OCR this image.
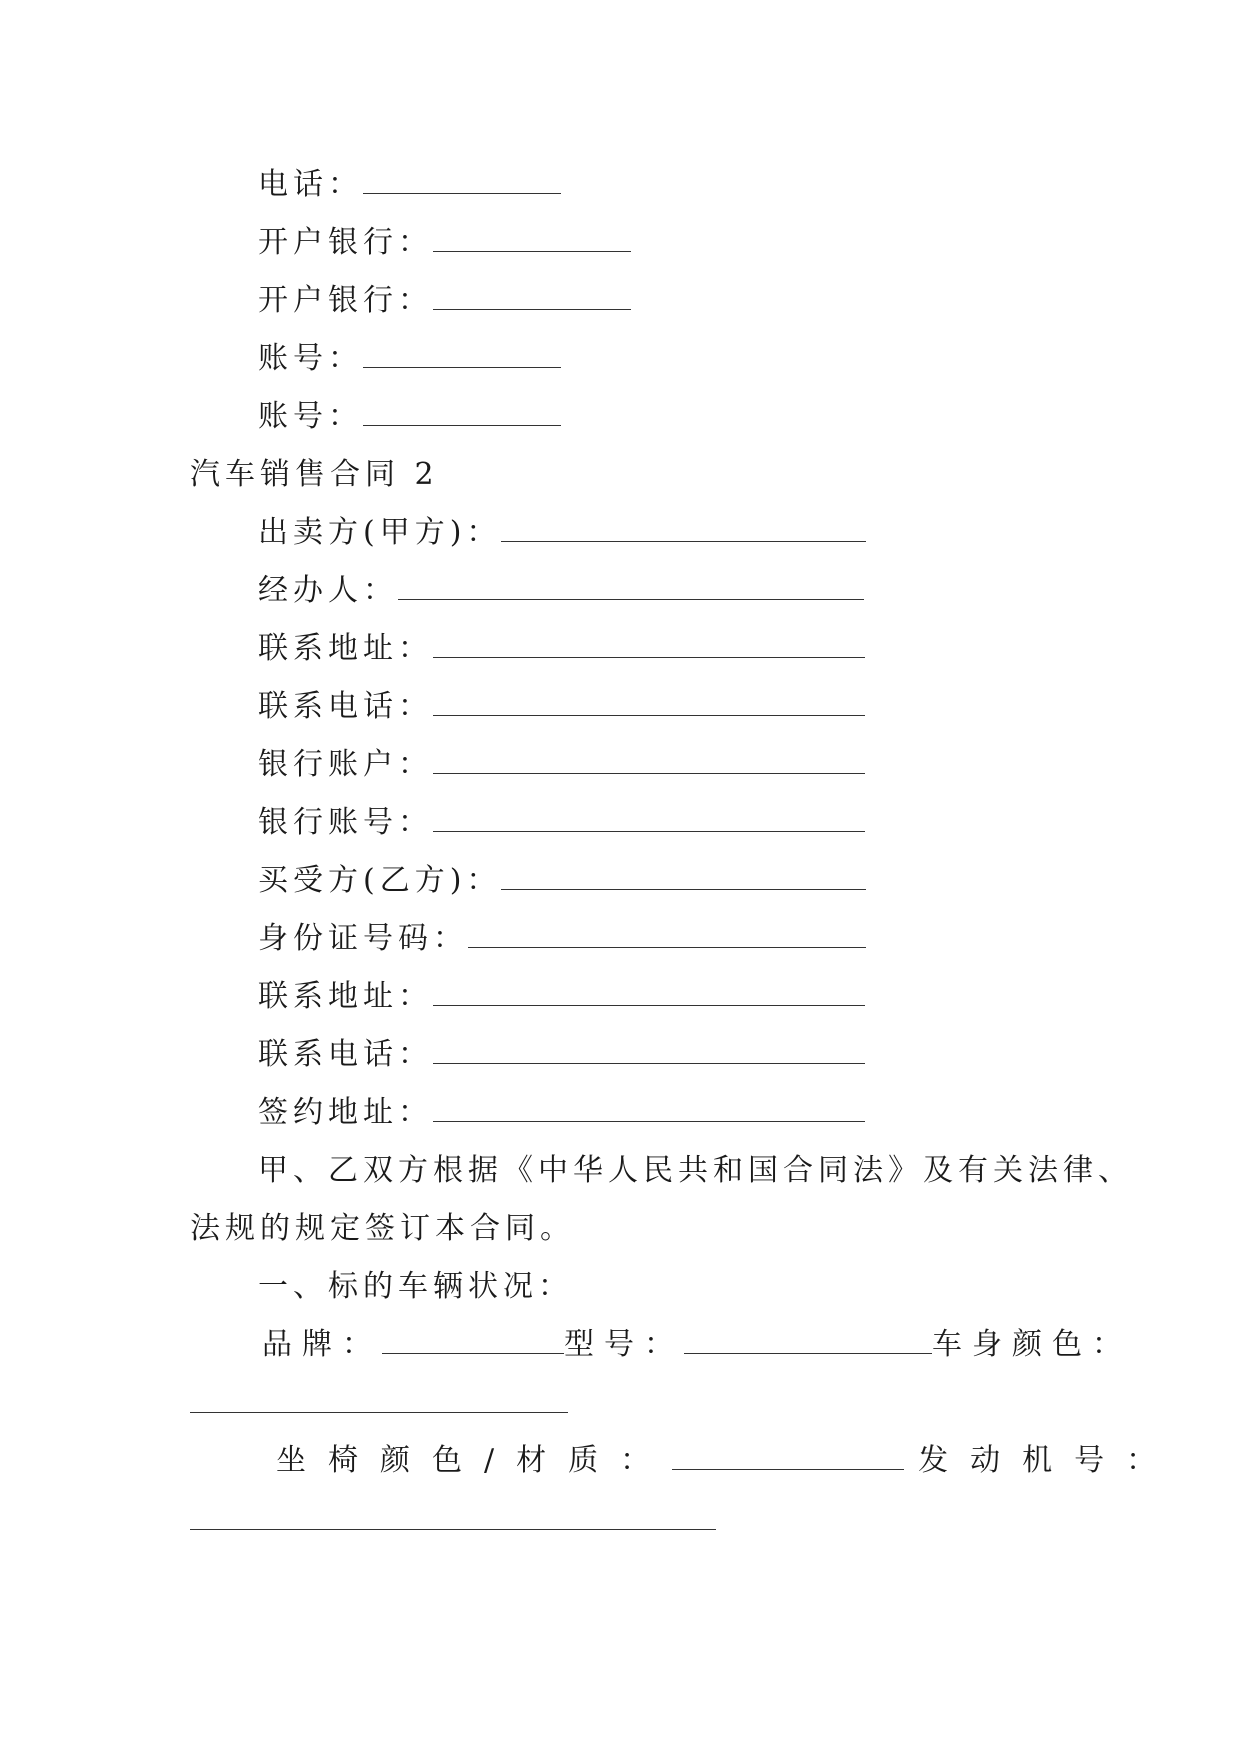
电话：
开户银行：
开户银行：
账号：
账号：
汽车销售合同 2
出卖方(甲方)：
经办人：
联系地址：
联系电话：
银行账户：
银行账号：
买受方(乙方)：
身份证号码：
联系地址：
联系电话：
签约地址：
甲、乙双方根据《中华人民共和国合同法》及有关法律、
法规的规定签订本合同。
一、标的车辆状况：
品牌：	型号：	车身颜色：
坐椅颜色/材质：	发动机号：
